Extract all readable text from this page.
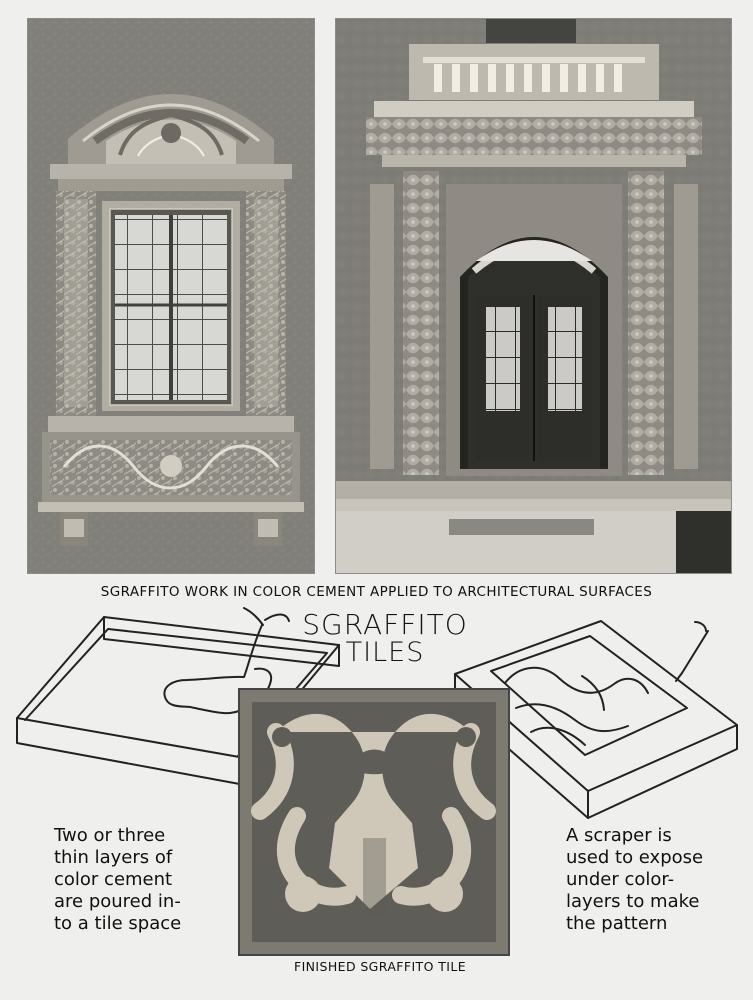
SGRAFFITO WORK IN COLOR CEMENT APPLIED TO ARCHITECTURAL SURFACES
SGRAFFITO
TILES
Two or three
thin layers of
color cement
are poured in-
to a tile space
A scraper is
used to expose
under color-
layers to make
the pattern
FINISHED SGRAFFITO TILE
